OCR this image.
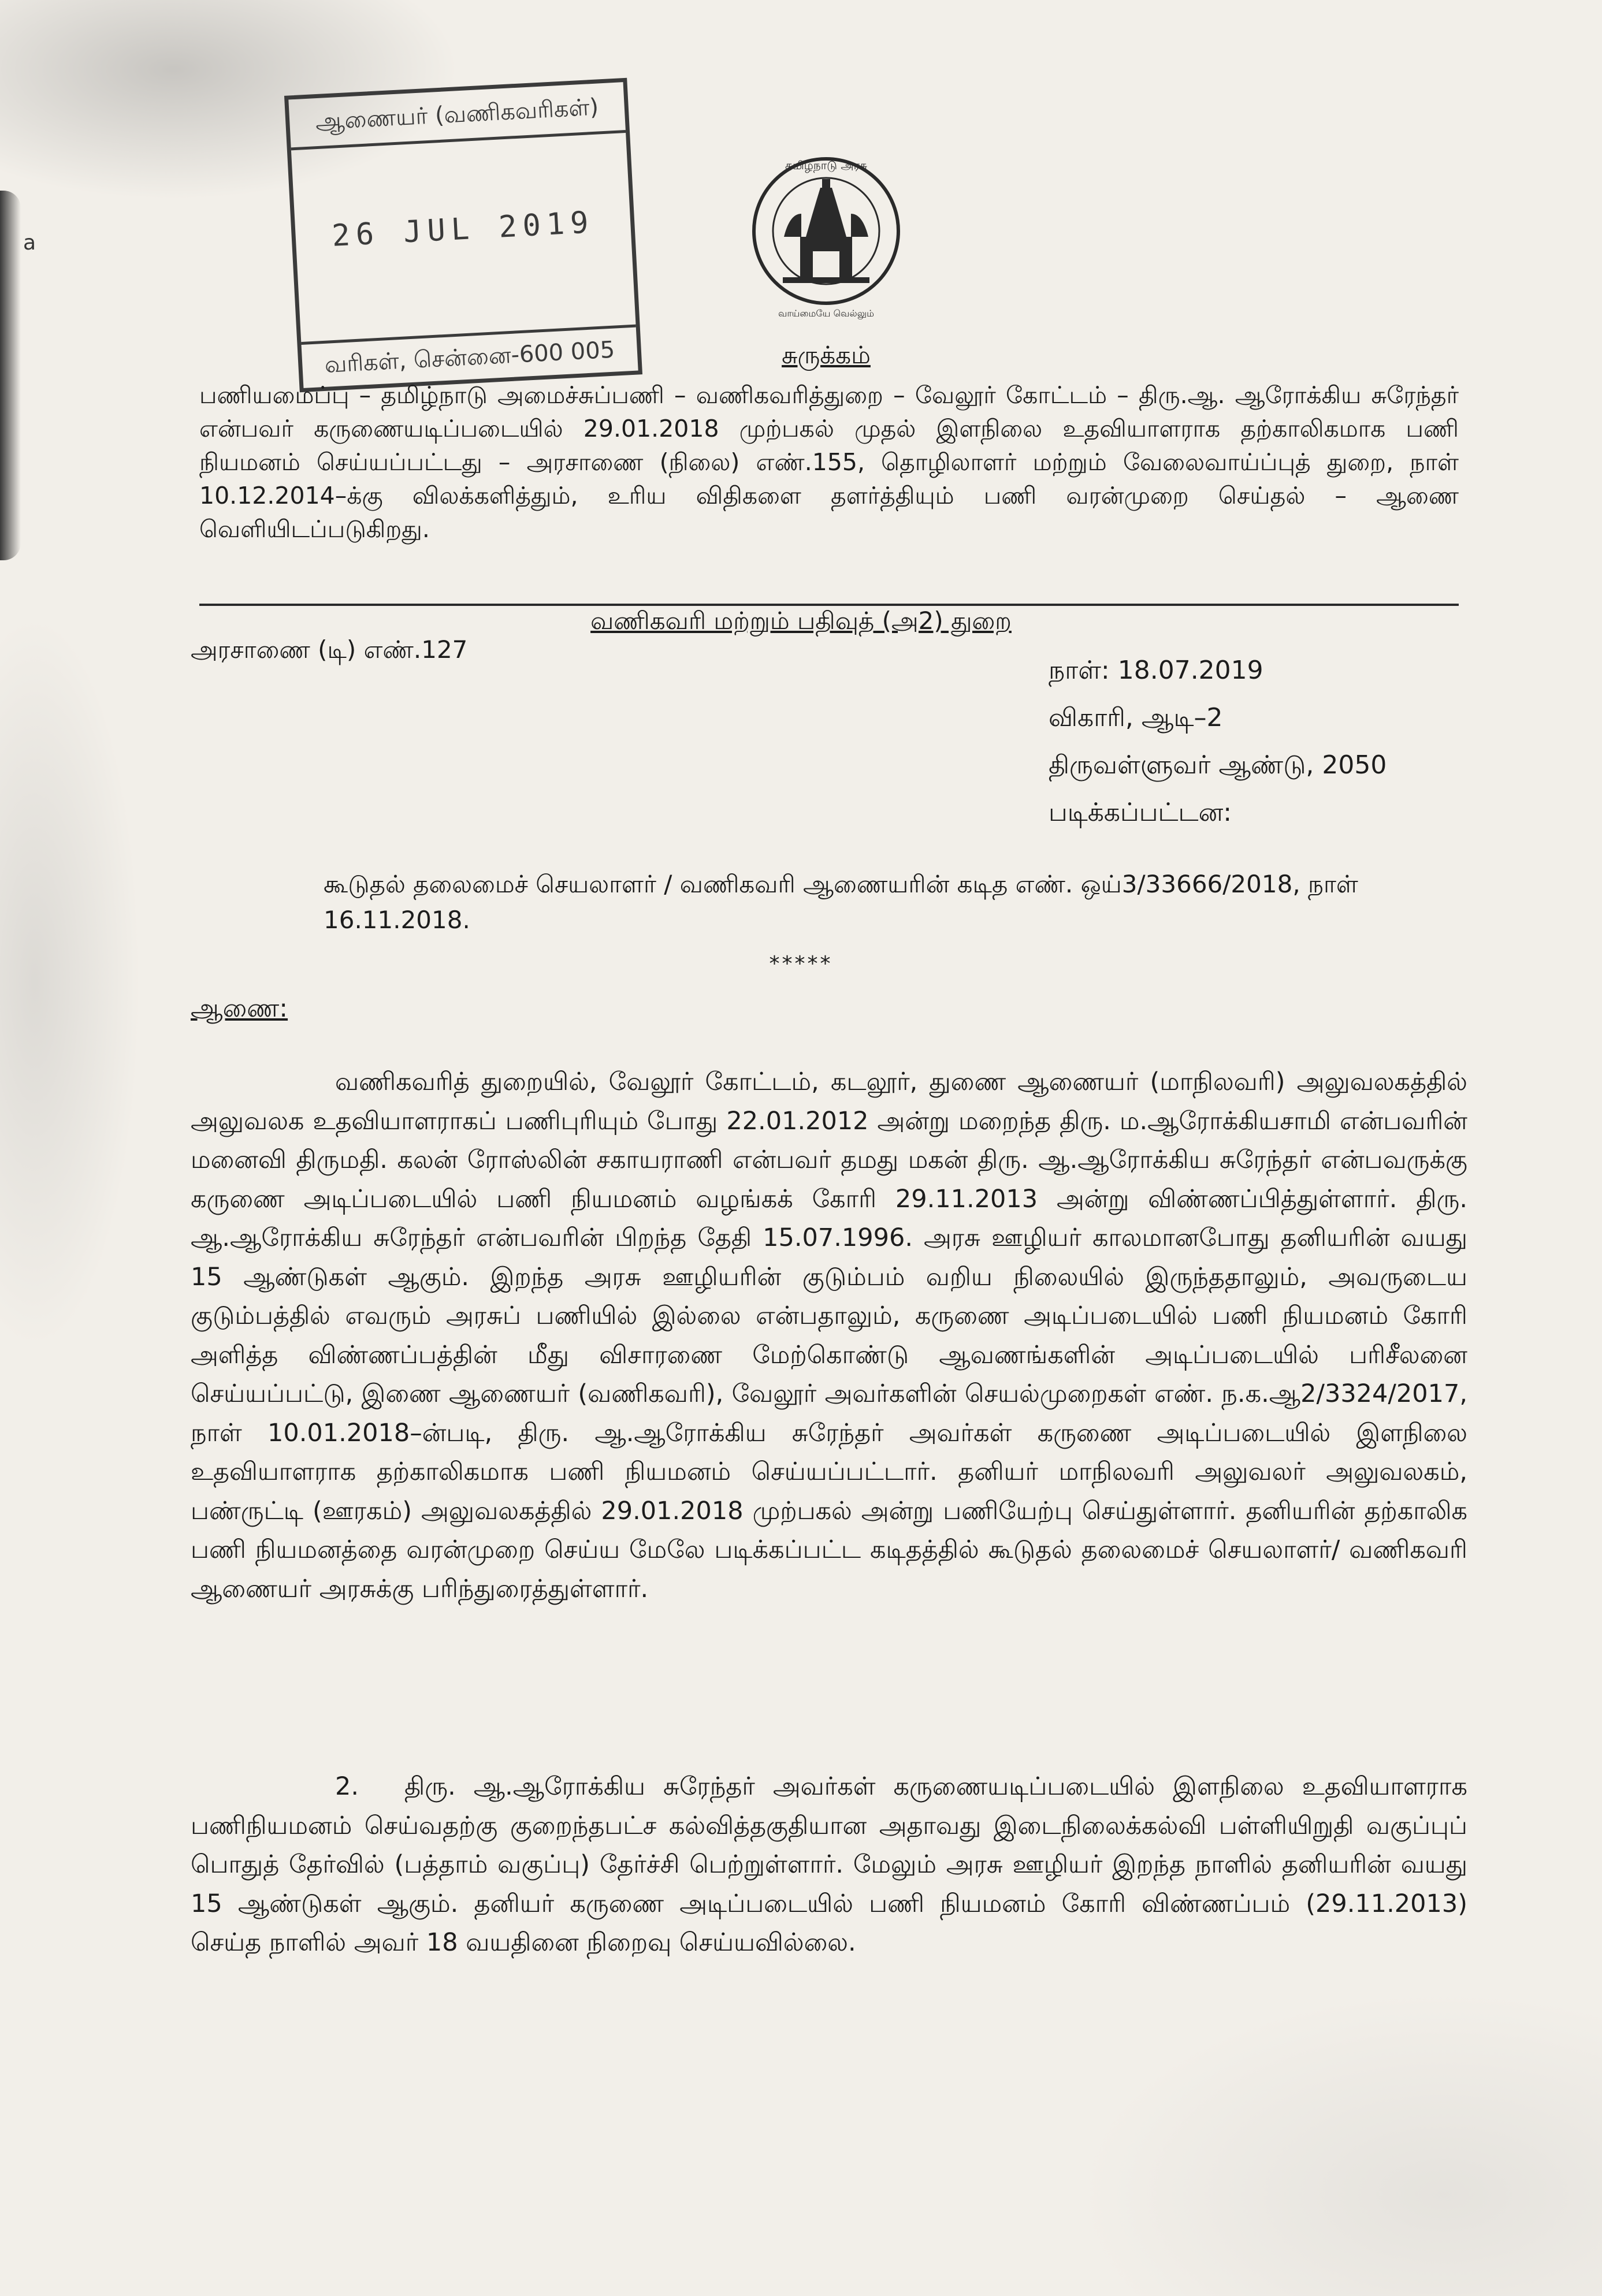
a
ஆணையர் (வணிகவரிகள்)
26 JUL 2019
வரிகள், சென்னை-600 005
தமிழ்நாடு அரசு
வாய்மையே வெல்லும்
சுருக்கம்
பணியமைப்பு – தமிழ்நாடு அமைச்சுப்பணி – வணிகவரித்துறை – வேலூர் கோட்டம் – திரு.ஆ. ஆரோக்கிய சுரேந்தர் என்பவர் கருணையடிப்படையில் 29.01.2018 முற்பகல் முதல் இளநிலை உதவியாளராக தற்காலிகமாக பணி நியமனம் செய்யப்பட்டது – அரசாணை (நிலை) எண்.155, தொழிலாளர் மற்றும் வேலைவாய்ப்புத் துறை, நாள் 10.12.2014–க்கு விலக்களித்தும், உரிய விதிகளை தளர்த்தியும் பணி வரன்முறை செய்தல் – ஆணை வெளியிடப்படுகிறது.
வணிகவரி மற்றும் பதிவுத் (அ2) துறை
அரசாணை (டி) எண்.127
நாள்: 18.07.2019
விகாரி, ஆடி–2
திருவள்ளுவர் ஆண்டு, 2050
படிக்கப்பட்டன:
கூடுதல் தலைமைச் செயலாளர் / வணிகவரி ஆணையரின் கடித எண். ஒய்3/33666/2018, நாள் 16.11.2018.
*****
ஆணை:
வணிகவரித் துறையில், வேலூர் கோட்டம், கடலூர், துணை ஆணையர் (மாநிலவரி) அலுவலகத்தில் அலுவலக உதவியாளராகப் பணிபுரியும் போது 22.01.2012 அன்று மறைந்த திரு. ம.ஆரோக்கியசாமி என்பவரின் மனைவி திருமதி. கலன் ரோஸ்லின் சகாயராணி என்பவர் தமது மகன் திரு. ஆ.ஆரோக்கிய சுரேந்தர் என்பவருக்கு கருணை அடிப்படையில் பணி நியமனம் வழங்கக் கோரி 29.11.2013 அன்று விண்ணப்பித்துள்ளார். திரு. ஆ.ஆரோக்கிய சுரேந்தர் என்பவரின் பிறந்த தேதி 15.07.1996. அரசு ஊழியர் காலமானபோது தனியரின் வயது 15 ஆண்டுகள் ஆகும். இறந்த அரசு ஊழியரின் குடும்பம் வறிய நிலையில் இருந்ததாலும், அவருடைய குடும்பத்தில் எவரும் அரசுப் பணியில் இல்லை என்பதாலும், கருணை அடிப்படையில் பணி நியமனம் கோரி அளித்த விண்ணப்பத்தின் மீது விசாரணை மேற்கொண்டு ஆவணங்களின் அடிப்படையில் பரிசீலனை செய்யப்பட்டு, இணை ஆணையர் (வணிகவரி), வேலூர் அவர்களின் செயல்முறைகள் எண். ந.க.ஆ2/3324/2017, நாள் 10.01.2018–ன்படி, திரு. ஆ.ஆரோக்கிய சுரேந்தர் அவர்கள் கருணை அடிப்படையில் இளநிலை உதவியாளராக தற்காலிகமாக பணி நியமனம் செய்யப்பட்டார். தனியர் மாநிலவரி அலுவலர் அலுவலகம், பண்ருட்டி (ஊரகம்) அலுவலகத்தில் 29.01.2018 முற்பகல் அன்று பணியேற்பு செய்துள்ளார். தனியரின் தற்காலிக பணி நியமனத்தை வரன்முறை செய்ய மேலே படிக்கப்பட்ட கடிதத்தில் கூடுதல் தலைமைச் செயலாளர்/ வணிகவரி ஆணையர் அரசுக்கு பரிந்துரைத்துள்ளார்.
2. திரு. ஆ.ஆரோக்கிய சுரேந்தர் அவர்கள் கருணையடிப்படையில் இளநிலை உதவியாளராக பணிநியமனம் செய்வதற்கு குறைந்தபட்ச கல்வித்தகுதியான அதாவது இடைநிலைக்கல்வி பள்ளியிறுதி வகுப்புப் பொதுத் தேர்வில் (பத்தாம் வகுப்பு) தேர்ச்சி பெற்றுள்ளார். மேலும் அரசு ஊழியர் இறந்த நாளில் தனியரின் வயது 15 ஆண்டுகள் ஆகும். தனியர் கருணை அடிப்படையில் பணி நியமனம் கோரி விண்ணப்பம் (29.11.2013) செய்த நாளில் அவர் 18 வயதினை நிறைவு செய்யவில்லை.
